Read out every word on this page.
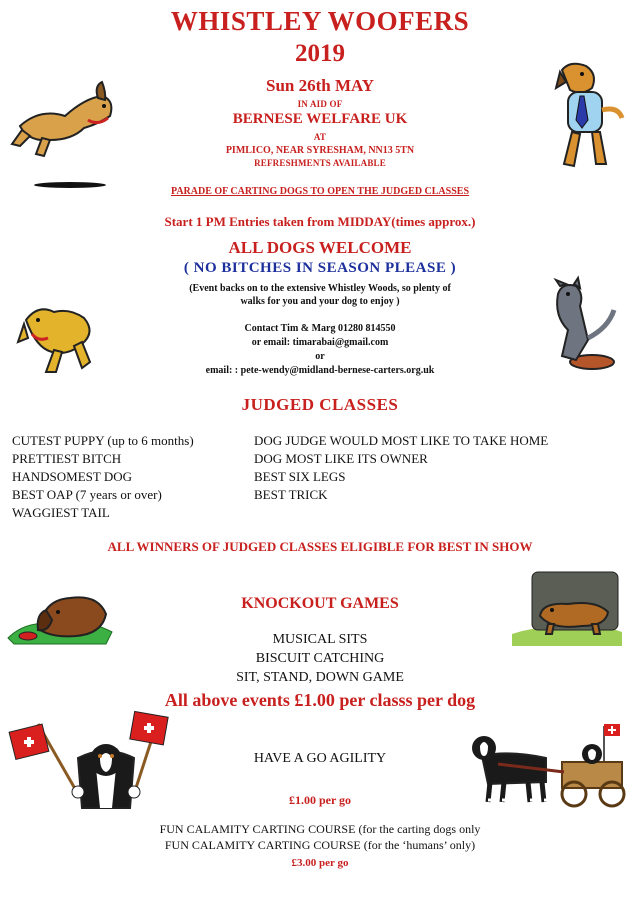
WHISTLEY WOOFERS
2019
Sun 26th MAY
IN AID OF
BERNESE WELFARE UK
AT
PIMLICO, NEAR SYRESHAM, NN13 5TN
REFRESHMENTS AVAILABLE
PARADE OF CARTING DOGS TO OPEN THE JUDGED CLASSES
Start 1 PM Entries taken from MIDDAY(times approx.)
ALL DOGS WELCOME
( NO BITCHES IN SEASON PLEASE )
(Event backs on to the extensive Whistley Woods, so plenty of
walks for you and your dog to enjoy )
Contact Tim & Marg 01280 814550
or email: timarabai@gmail.com
or
email: : pete-wendy@midland-bernese-carters.org.uk
JUDGED CLASSES
CUTEST PUPPY (up to 6 months)
PRETTIEST BITCH
HANDSOMEST DOG
BEST OAP (7 years or over)
WAGGIEST TAIL
DOG JUDGE WOULD MOST LIKE TO TAKE HOME
DOG MOST LIKE ITS OWNER
BEST SIX LEGS
BEST TRICK
ALL WINNERS OF JUDGED CLASSES ELIGIBLE FOR BEST IN SHOW
KNOCKOUT GAMES
MUSICAL SITS
BISCUIT CATCHING
SIT, STAND, DOWN GAME
All above events £1.00 per classs per dog
HAVE A GO AGILITY
£1.00 per go
FUN CALAMITY CARTING COURSE (for the carting dogs only
FUN CALAMITY CARTING COURSE (for the ‘humans’ only)
£3.00 per go
